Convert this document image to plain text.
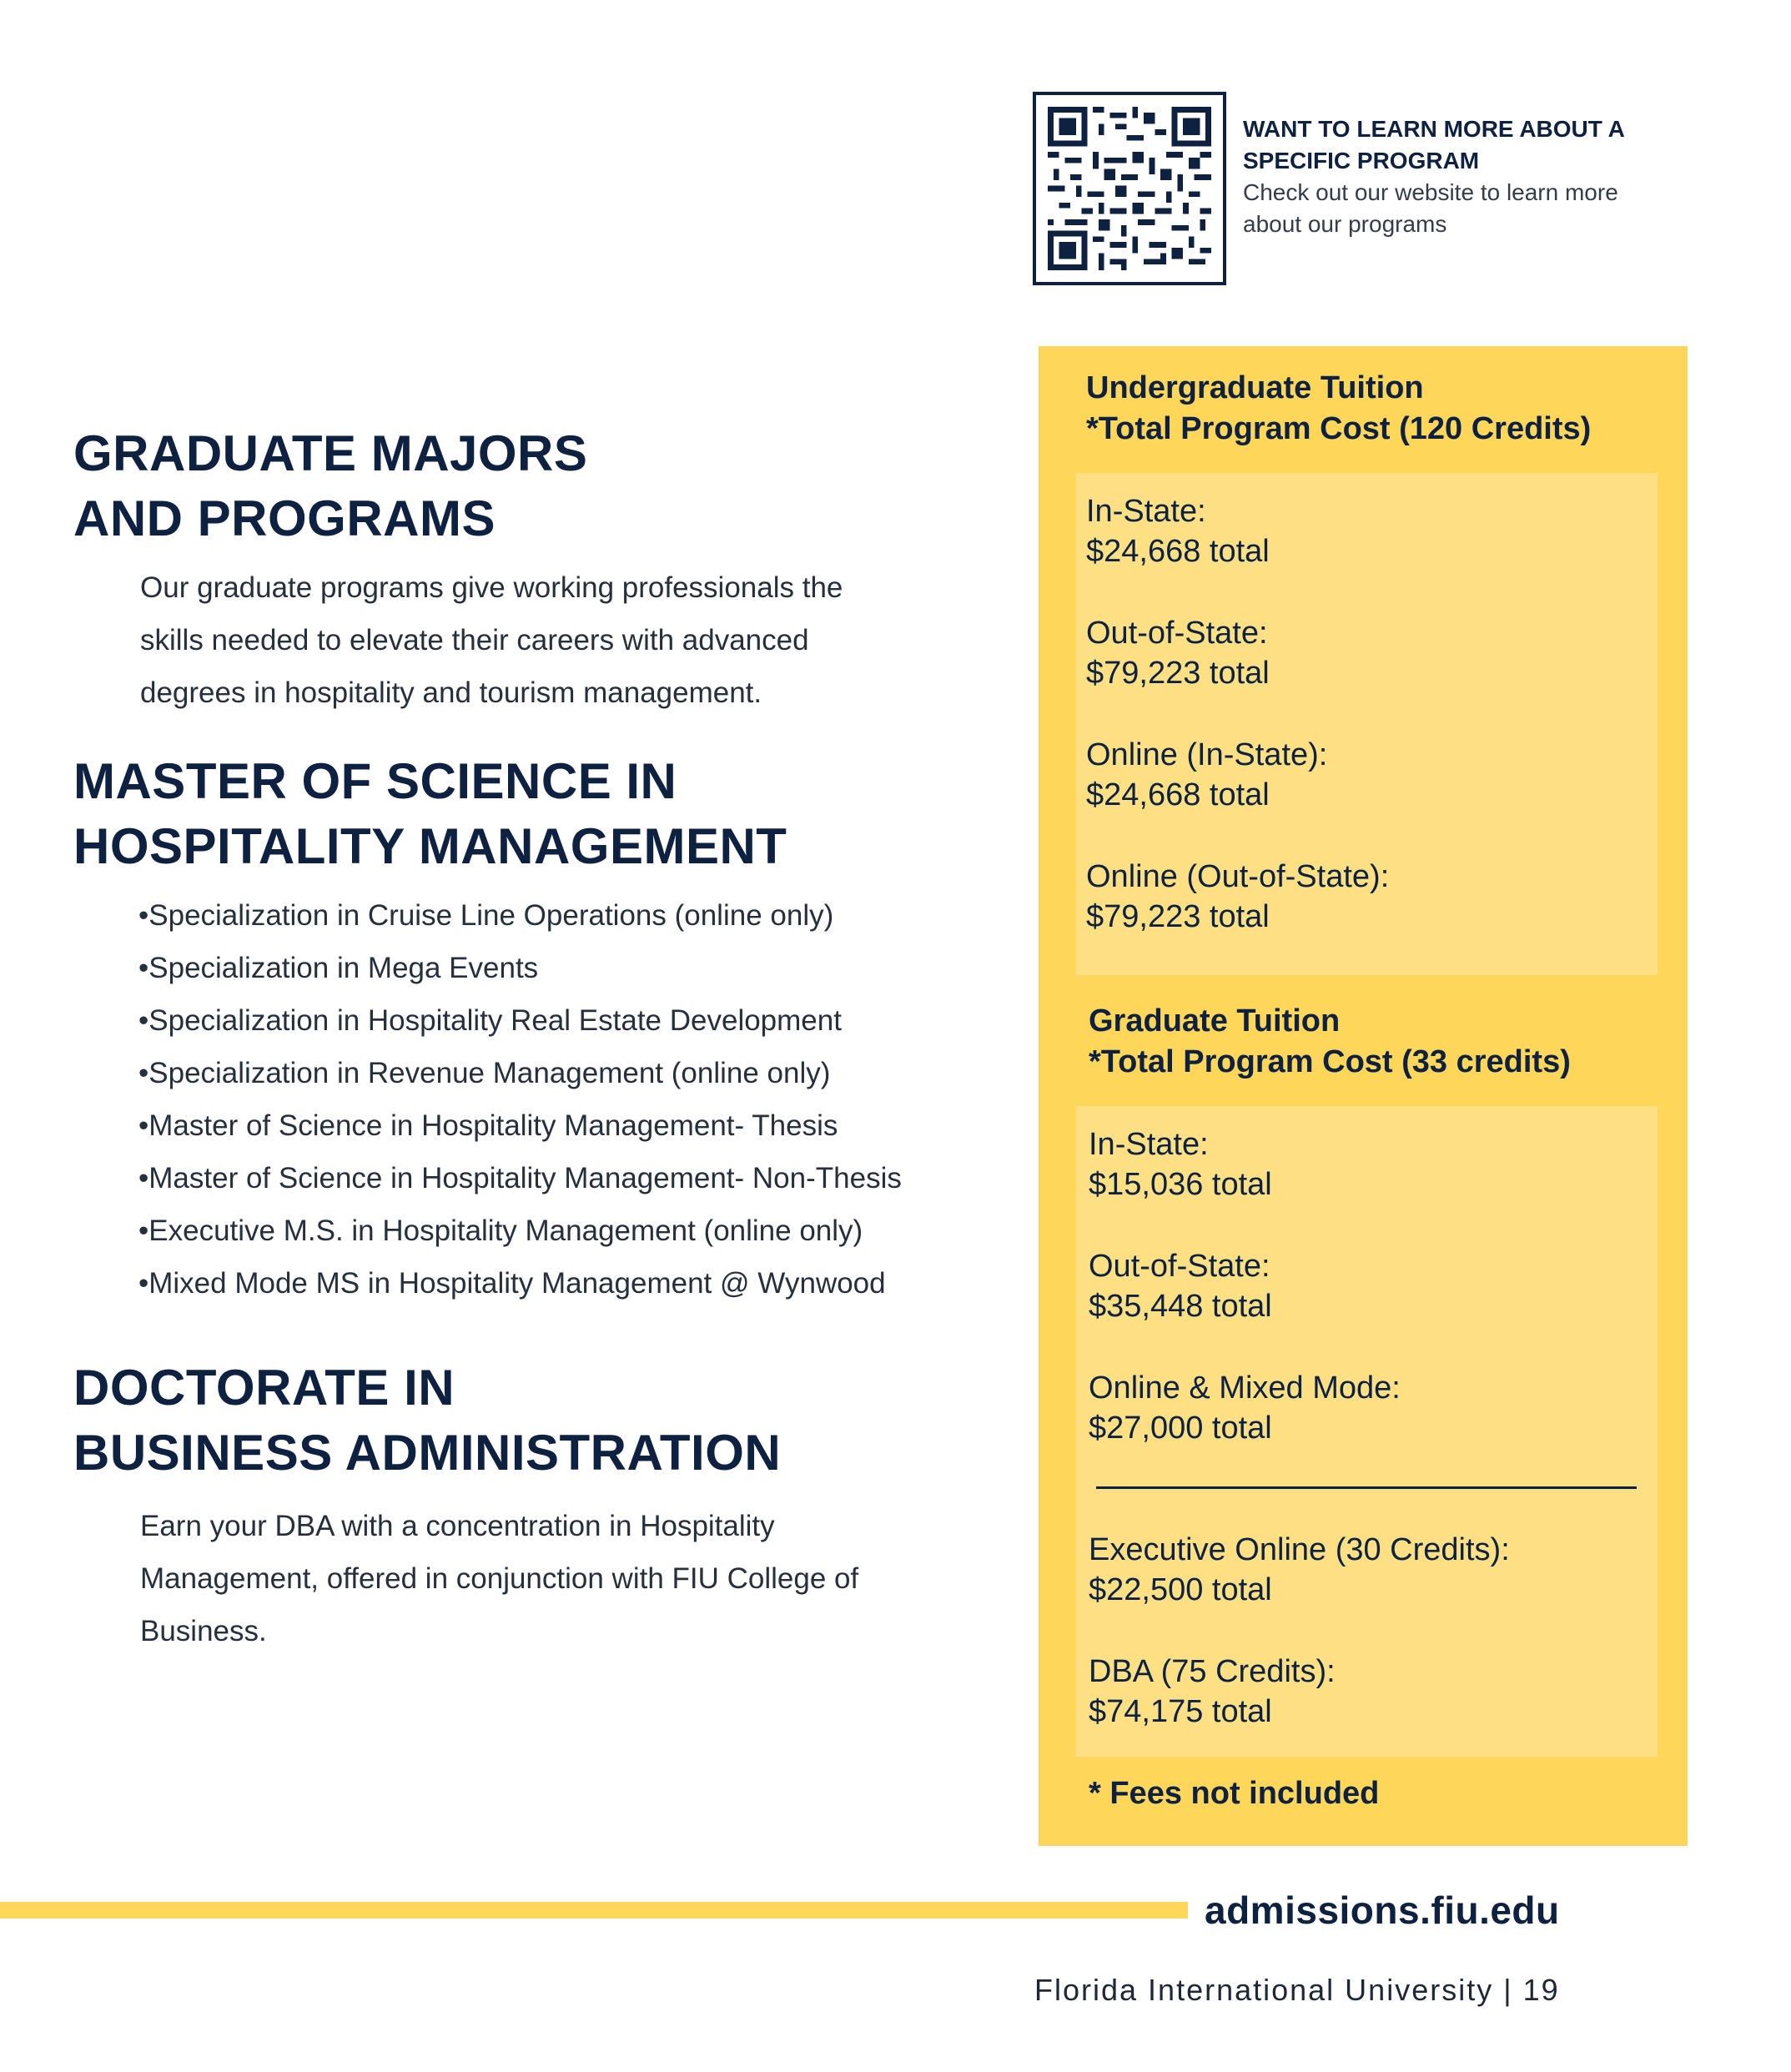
WANT TO LEARN MORE ABOUT A

SPECIFIC PROGRAM

Check out our website to learn more

about our programs

GRADUATE MAJORS

AND PROGRAMS

Our graduate programs give working professionals the

skills needed to elevate their careers with advanced

degrees in hospitality and tourism management.

MASTER OF SCIENCE IN

HOSPITALITY MANAGEMENT

•Specialization in Cruise Line Operations (online only)
•Specialization in Mega Events
•Specialization in Hospitality Real Estate Development
•Specialization in Revenue Management (online only)
•Master of Science in Hospitality Management- Thesis
•Master of Science in Hospitality Management- Non-Thesis
•Executive M.S. in Hospitality Management (online only)
•Mixed Mode MS in Hospitality Management @ Wynwood

DOCTORATE IN

BUSINESS ADMINISTRATION

Earn your DBA with a concentration in Hospitality

Management, offered in conjunction with FIU College of

Business.

Undergraduate Tuition

*Total Program Cost (120 Credits)

In-State:

$24,668 total

Out-of-State:

$79,223 total

Online (In-State):

$24,668 total

Online (Out-of-State):

$79,223 total

Graduate Tuition

*Total Program Cost (33 credits)

In-State:

$15,036 total

Out-of-State:

$35,448 total

Online & Mixed Mode:

$27,000 total

Executive Online (30 Credits):

$22,500 total

DBA (75 Credits):

$74,175 total

* Fees not included

admissions.fiu.edu
Florida International University | 19
